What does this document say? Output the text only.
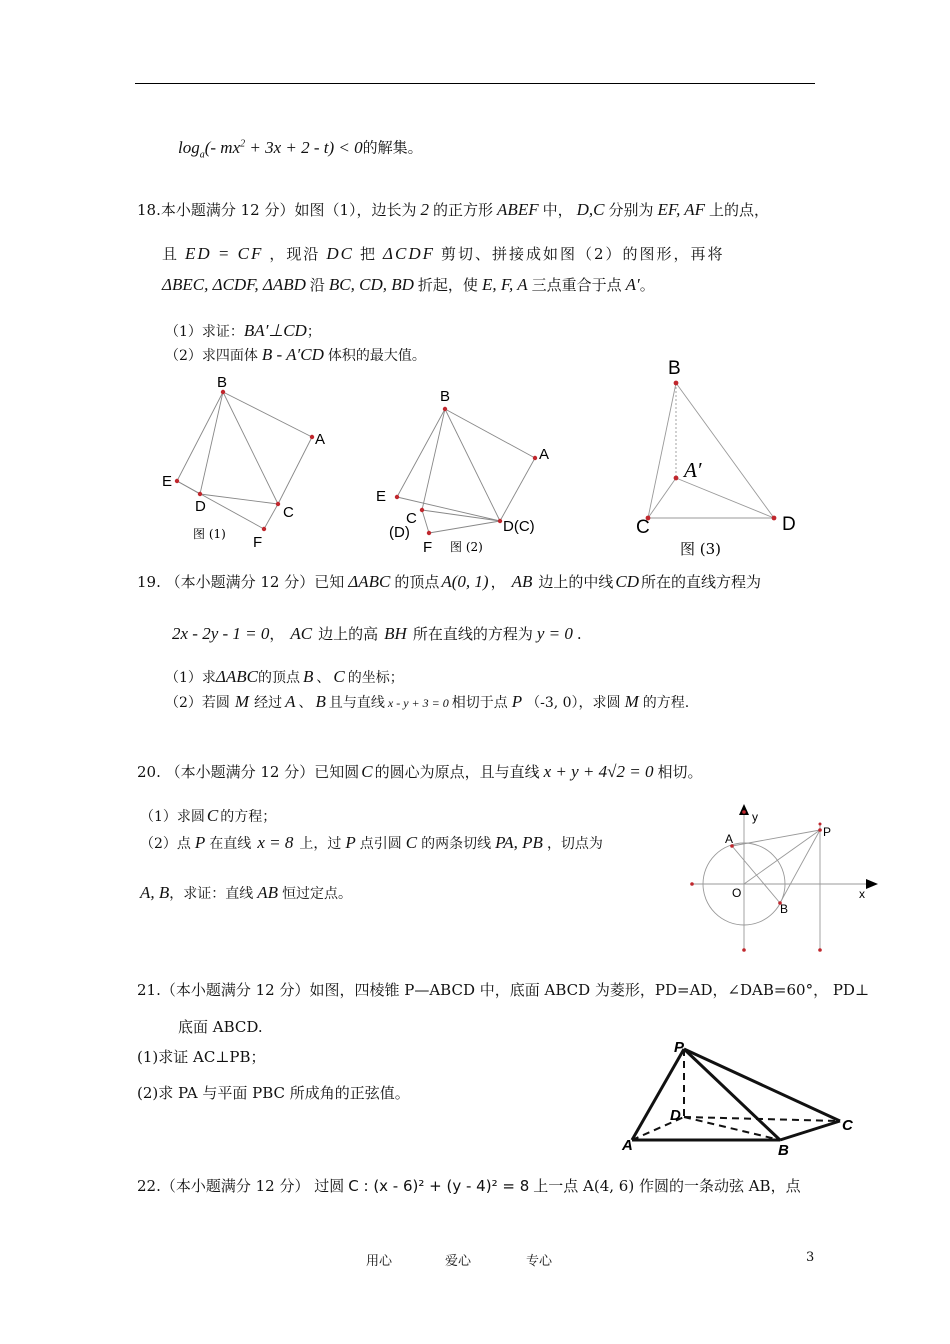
$\log_a(-$ $mx^2 + 3x + 2 - t) < 0$的解集。
18.本小题满分 12 分）如图（1），边长为 2 的正方形 ABEF 中， D,C 分别为 EF, AF 上的点，
且 ED = CF ，现沿 DC 把 ΔCDF 剪切、拼接成如图（2）的图形，再将
ΔBEC, ΔCDF, ΔABD 沿 BC, CD, BD 折起，使 E, F, A 三点重合于点 A′。
（1）求证：BA′⊥CD；
（2）求四面体 B - A′CD 体积的最大值。
B
A
E
D	C
F
图 (1)
B
A
E
C
(D)	D(C)
F 图 (2)
B
A′
C	D
图 (3)
y
A	P
O
B
x
P
D
A	B
C
19. （本小题满分 12 分）已知 ΔABC 的顶点 A(0, 1) ， AB 边上的中线 CD 所在的直线方程为
2x - 2y - 1 = 0， AC 边上的高 BH 所在直线的方程为 y = 0 .
（1）求ΔABC的顶点 B 、 C 的坐标；
（2）若圆 M 经过 A 、 B 且与直线 x - y + 3 = 0 相切于点 P （-3, 0），求圆 M 的方程.
20. （本小题满分 12 分）已知圆 C 的圆心为原点，且与直线 x + y + 4√2 = 0 相切。
（1）求圆 C 的方程；
（2）点 P 在直线 x = 8 上，过 P 点引圆 C 的两条切线 PA, PB ，切点为
A, B，求证：直线 AB 恒过定点。
21.（本小题满分 12 分）如图，四棱锥 P—ABCD 中，底面 ABCD 为菱形，PD=AD，∠DAB=60°， PD⊥
底面 ABCD.
(1)求证 AC⊥PB；
(2)求 PA 与平面 PBC 所成角的正弦值。
22.（本小题满分 12 分） 过圆 C : (x - 6)² + (y - 4)² = 8 上一点 A(4, 6) 作圆的一条动弦 AB，点
用心	爱心	专心	3
